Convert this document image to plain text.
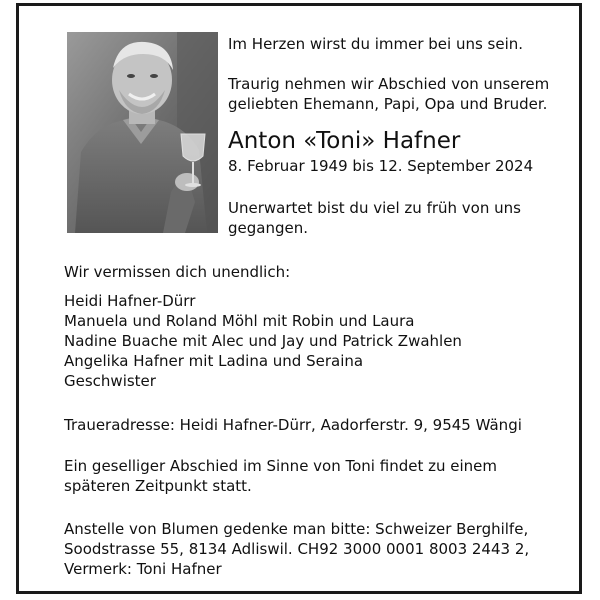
Im Herzen wirst du immer bei uns sein.
Traurig nehmen wir Abschied von unserem
geliebten Ehemann, Papi, Opa und Bruder.
Anton «Toni» Hafner
8. Februar 1949 bis 12. September 2024
Unerwartet bist du viel zu früh von uns
gegangen.
Wir vermissen dich unendlich:
Heidi Hafner-Dürr
Manuela und Roland Möhl mit Robin und Laura
Nadine Buache mit Alec und Jay und Patrick Zwahlen
Angelika Hafner mit Ladina und Seraina
Geschwister
Traueradresse: Heidi Hafner-Dürr, Aadorferstr. 9, 9545 Wängi
Ein geselliger Abschied im Sinne von Toni findet zu einem
späteren Zeitpunkt statt.
Anstelle von Blumen gedenke man bitte: Schweizer Berghilfe,
Soodstrasse 55, 8134 Adliswil. CH92 3000 0001 8003 2443 2,
Vermerk: Toni Hafner
